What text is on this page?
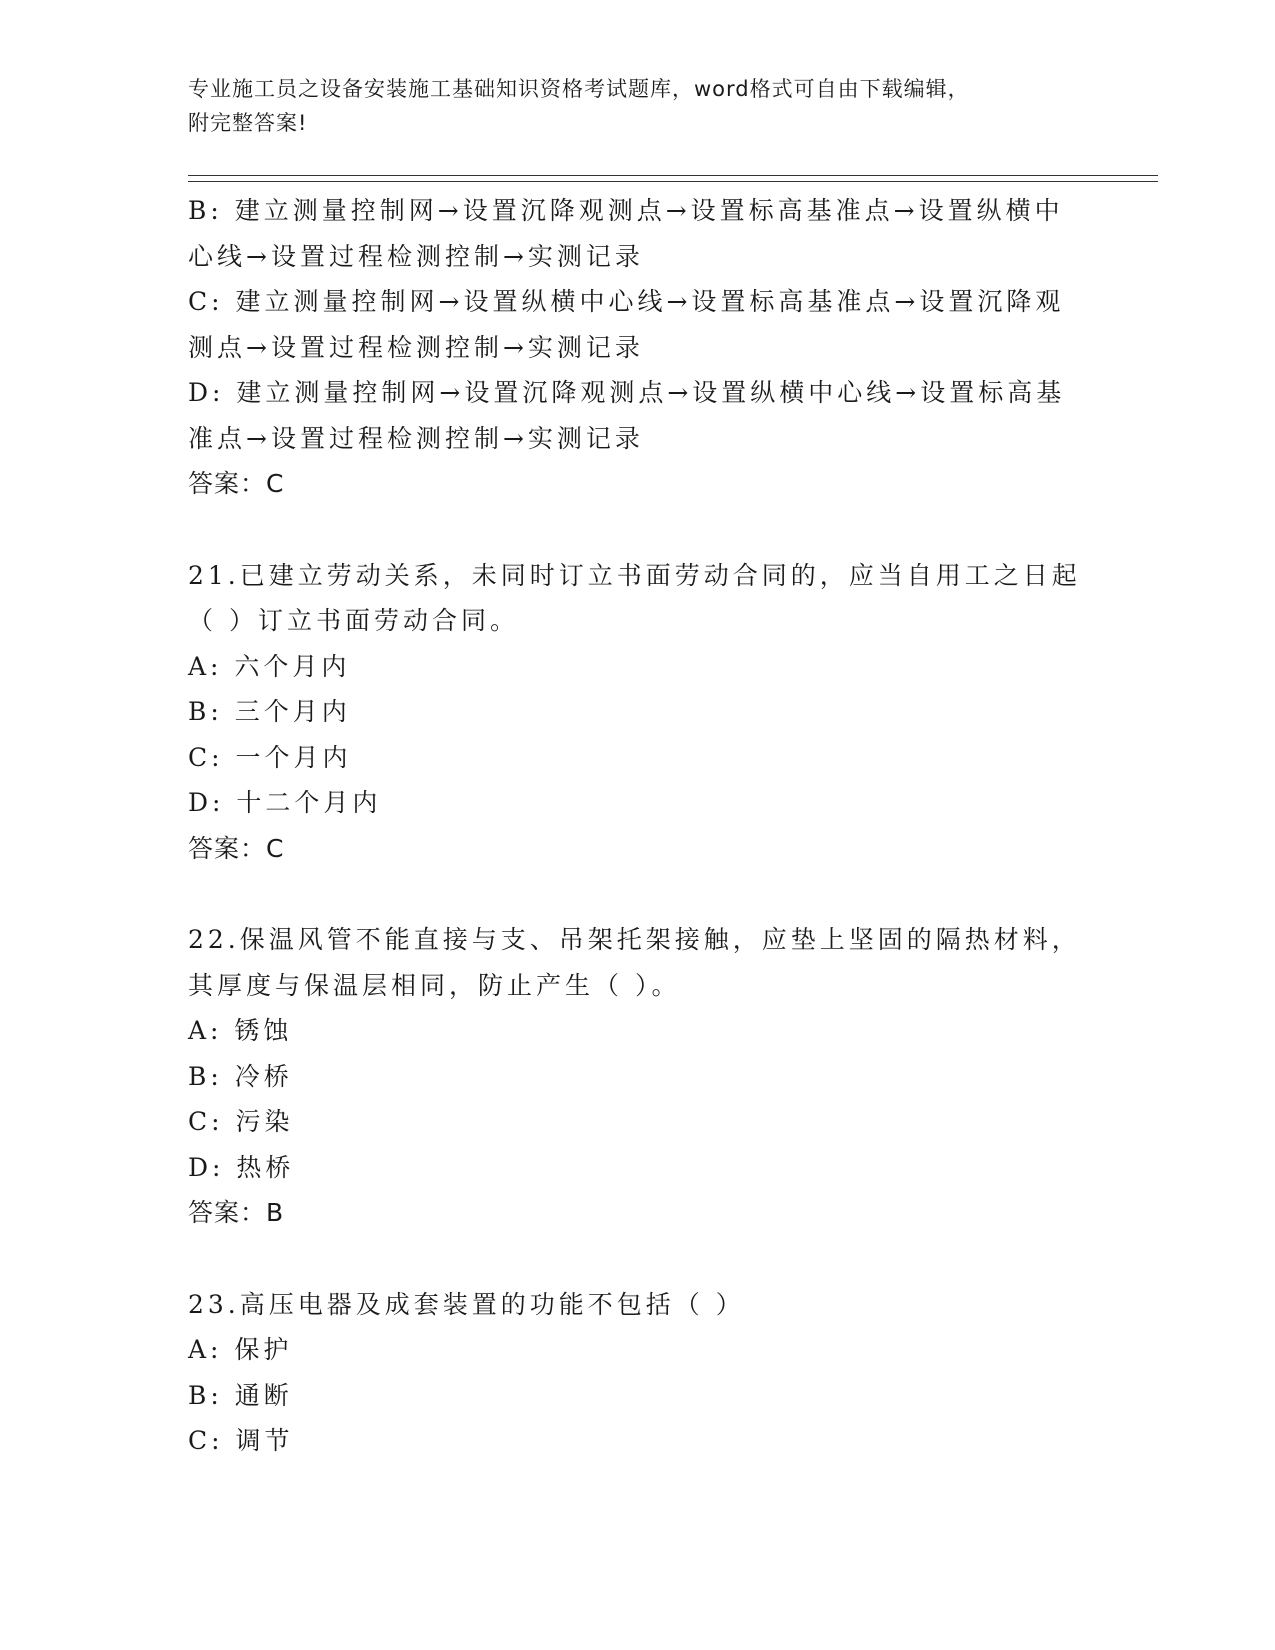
专业施工员之设备安装施工基础知识资格考试题库，word格式可自由下载编辑，
附完整答案!
B: 建立测量控制网→设置沉降观测点→设置标高基准点→设置纵横中
心线→设置过程检测控制→实测记录
C: 建立测量控制网→设置纵横中心线→设置标高基准点→设置沉降观
测点→设置过程检测控制→实测记录
D: 建立测量控制网→设置沉降观测点→设置纵横中心线→设置标高基
准点→设置过程检测控制→实测记录
答案：C
21.已建立劳动关系，未同时订立书面劳动合同的，应当自用工之日起
（ ）订立书面劳动合同。
A: 六个月内
B: 三个月内
C: 一个月内
D: 十二个月内
答案：C
22.保温风管不能直接与支、吊架托架接触，应垫上坚固的隔热材料，
其厚度与保温层相同，防止产生（ ）。
A: 锈蚀
B: 冷桥
C: 污染
D: 热桥
答案：B
23.高压电器及成套装置的功能不包括（ ）
A: 保护
B: 通断
C: 调节
